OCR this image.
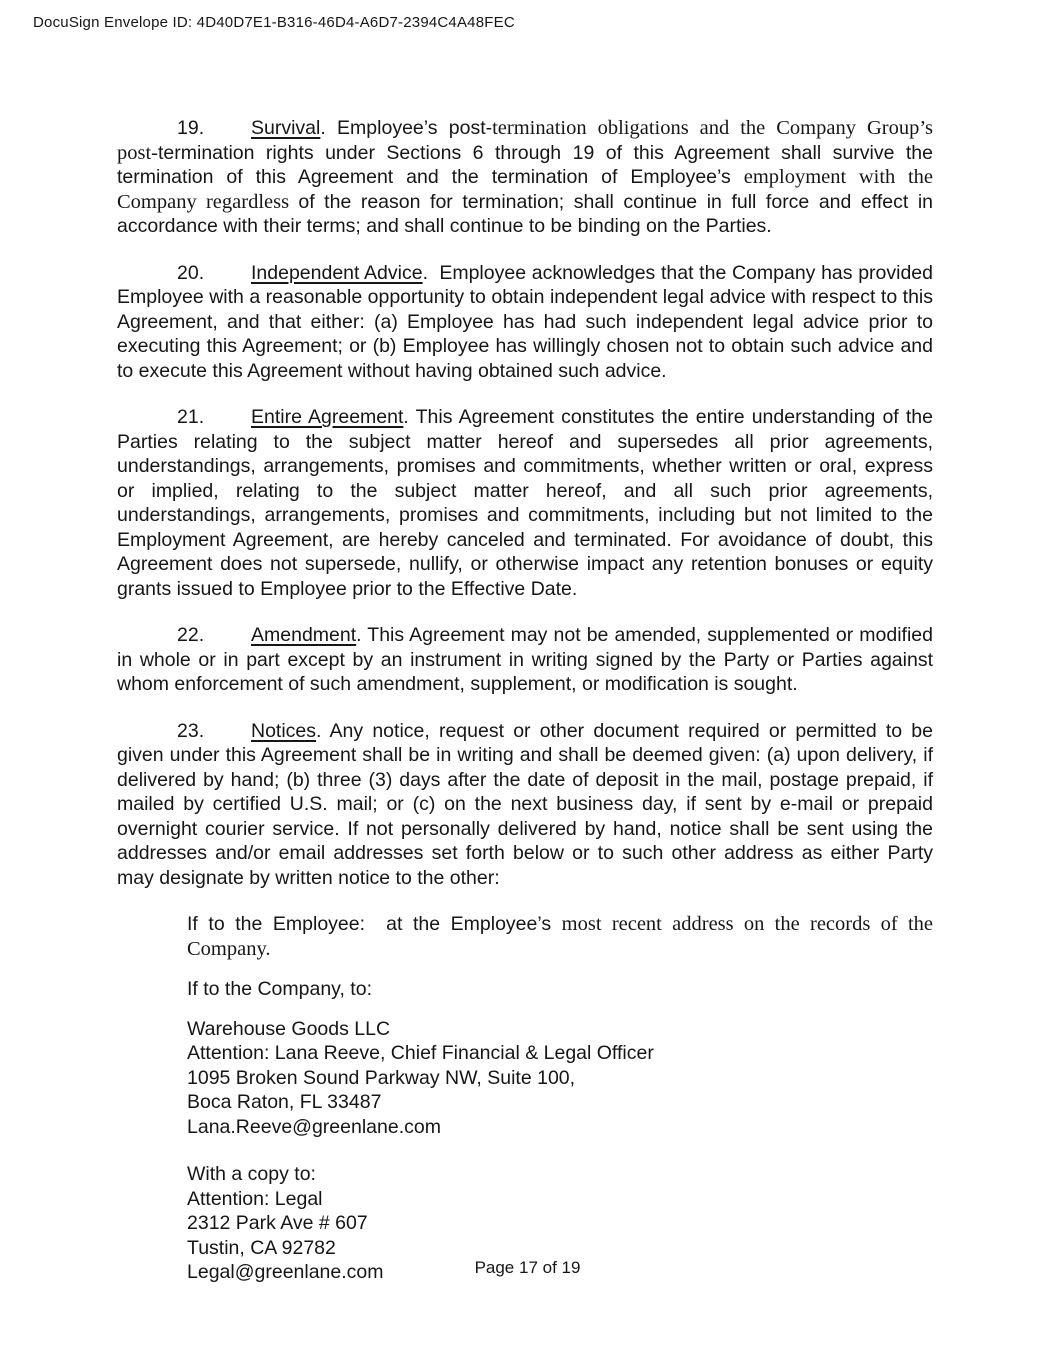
DocuSign Envelope ID: 4D40D7E1-B316-46D4-A6D7-2394C4A48FEC

19. Survival. Employee’s post-termination obligations and the Company Group’s post-termination rights under Sections 6 through 19 of this Agreement shall survive the termination of this Agreement and the termination of Employee’s employment with the Company regardless of the reason for termination; shall continue in full force and effect in accordance with their terms; and shall continue to be binding on the Parties.

20. Independent Advice.  Employee acknowledges that the Company has provided Employee with a reasonable opportunity to obtain independent legal advice with respect to this Agreement, and that either: (a) Employee has had such independent legal advice prior to executing this Agreement; or (b) Employee has willingly chosen not to obtain such advice and to execute this Agreement without having obtained such advice.

21. Entire Agreement. This Agreement constitutes the entire understanding of the Parties relating to the subject matter hereof and supersedes all prior agreements, understandings, arrangements, promises and commitments, whether written or oral, express or implied, relating to the subject matter hereof, and all such prior agreements, understandings, arrangements, promises and commitments, including but not limited to the Employment Agreement, are hereby canceled and terminated. For avoidance of doubt, this Agreement does not supersede, nullify, or otherwise impact any retention bonuses or equity grants issued to Employee prior to the Effective Date.

22. Amendment. This Agreement may not be amended, supplemented or modified in whole or in part except by an instrument in writing signed by the Party or Parties against whom enforcement of such amendment, supplement, or modification is sought.

23. Notices. Any notice, request or other document required or permitted to be given under this Agreement shall be in writing and shall be deemed given: (a) upon delivery, if delivered by hand; (b) three (3) days after the date of deposit in the mail, postage prepaid, if mailed by certified U.S. mail; or (c) on the next business day, if sent by e-mail or prepaid overnight courier service. If not personally delivered by hand, notice shall be sent using the addresses and/or email addresses set forth below or to such other address as either Party may designate by written notice to the other:

If to the Employee:  at the Employee’s most recent address on the records of the Company.

If to the Company, to:

Warehouse Goods LLC
Attention: Lana Reeve, Chief Financial & Legal Officer
1095 Broken Sound Parkway NW, Suite 100,
Boca Raton, FL 33487
Lana.Reeve@greenlane.com
With a copy to:
Attention: Legal
2312 Park Ave # 607
Tustin, CA 92782
Legal@greenlane.com	Page 17 of 19
